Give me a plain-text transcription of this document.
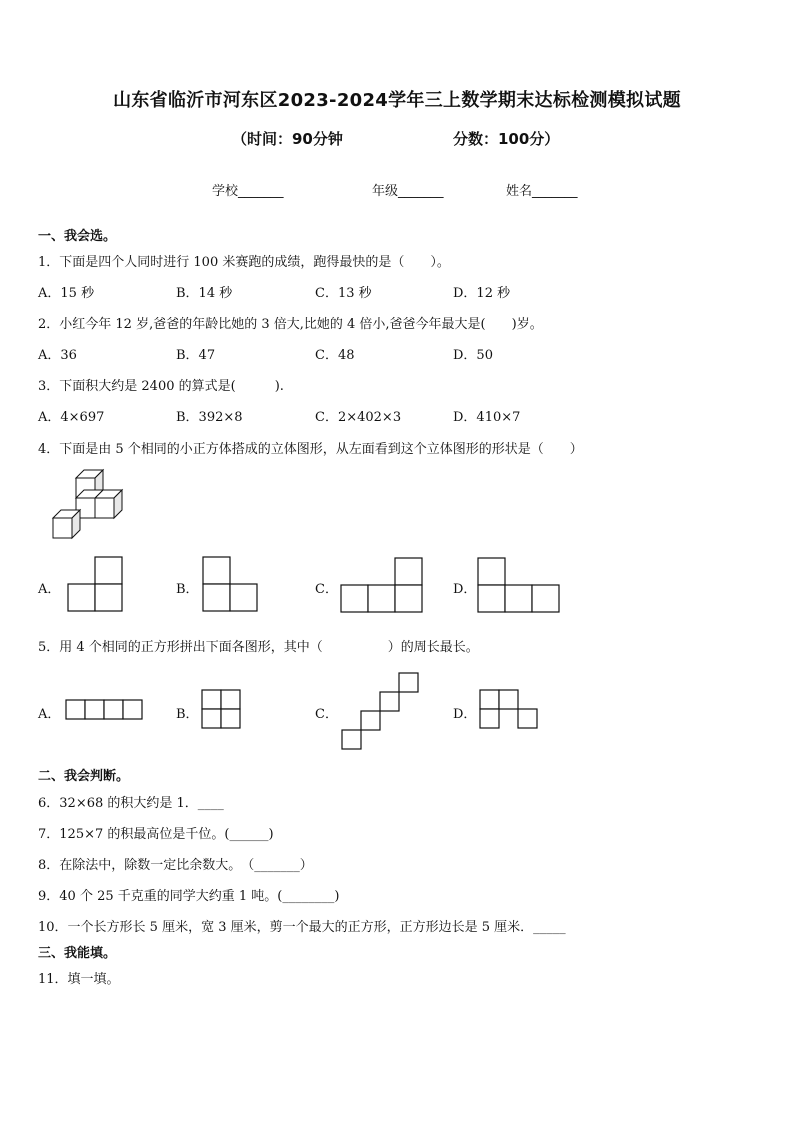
山东省临沂市河东区2023-2024学年三上数学期末达标检测模拟试题
（时间：90分钟	分数：100分）
学校_______	年级_______	姓名_______
一、我会选。
1．下面是四个人同时进行 100 米赛跑的成绩，跑得最快的是（　　）。
A．15 秒	B．14 秒	C．13 秒	D．12 秒
2．小红今年 12 岁,爸爸的年龄比她的 3 倍大,比她的 4 倍小,爸爸今年最大是(　　)岁。
A．36	B．47	C．48	D．50
3．下面积大约是 2400 的算式是(　　　).
A．4×697	B．392×8	C．2×402×3	D．410×7
4．下面是由 5 个相同的小正方体搭成的立体图形，从左面看到这个立体图形的形状是（　　）
A．	B．	C．	D．
5．用 4 个相同的正方形拼出下面各图形，其中（　　　　　）的周长最长。
A．	B．	C．	D．
二、我会判断。
6．32×68 的积大约是 1．____
7．125×7 的积最高位是千位。(______)
8．在除法中，除数一定比余数大。　（_______）
9．40 个 25 千克重的同学大约重 1 吨。(________)
10．一个长方形长 5 厘米，宽 3 厘米，剪一个最大的正方形，正方形边长是 5 厘米．_____
三、我能填。
11．填一填。
